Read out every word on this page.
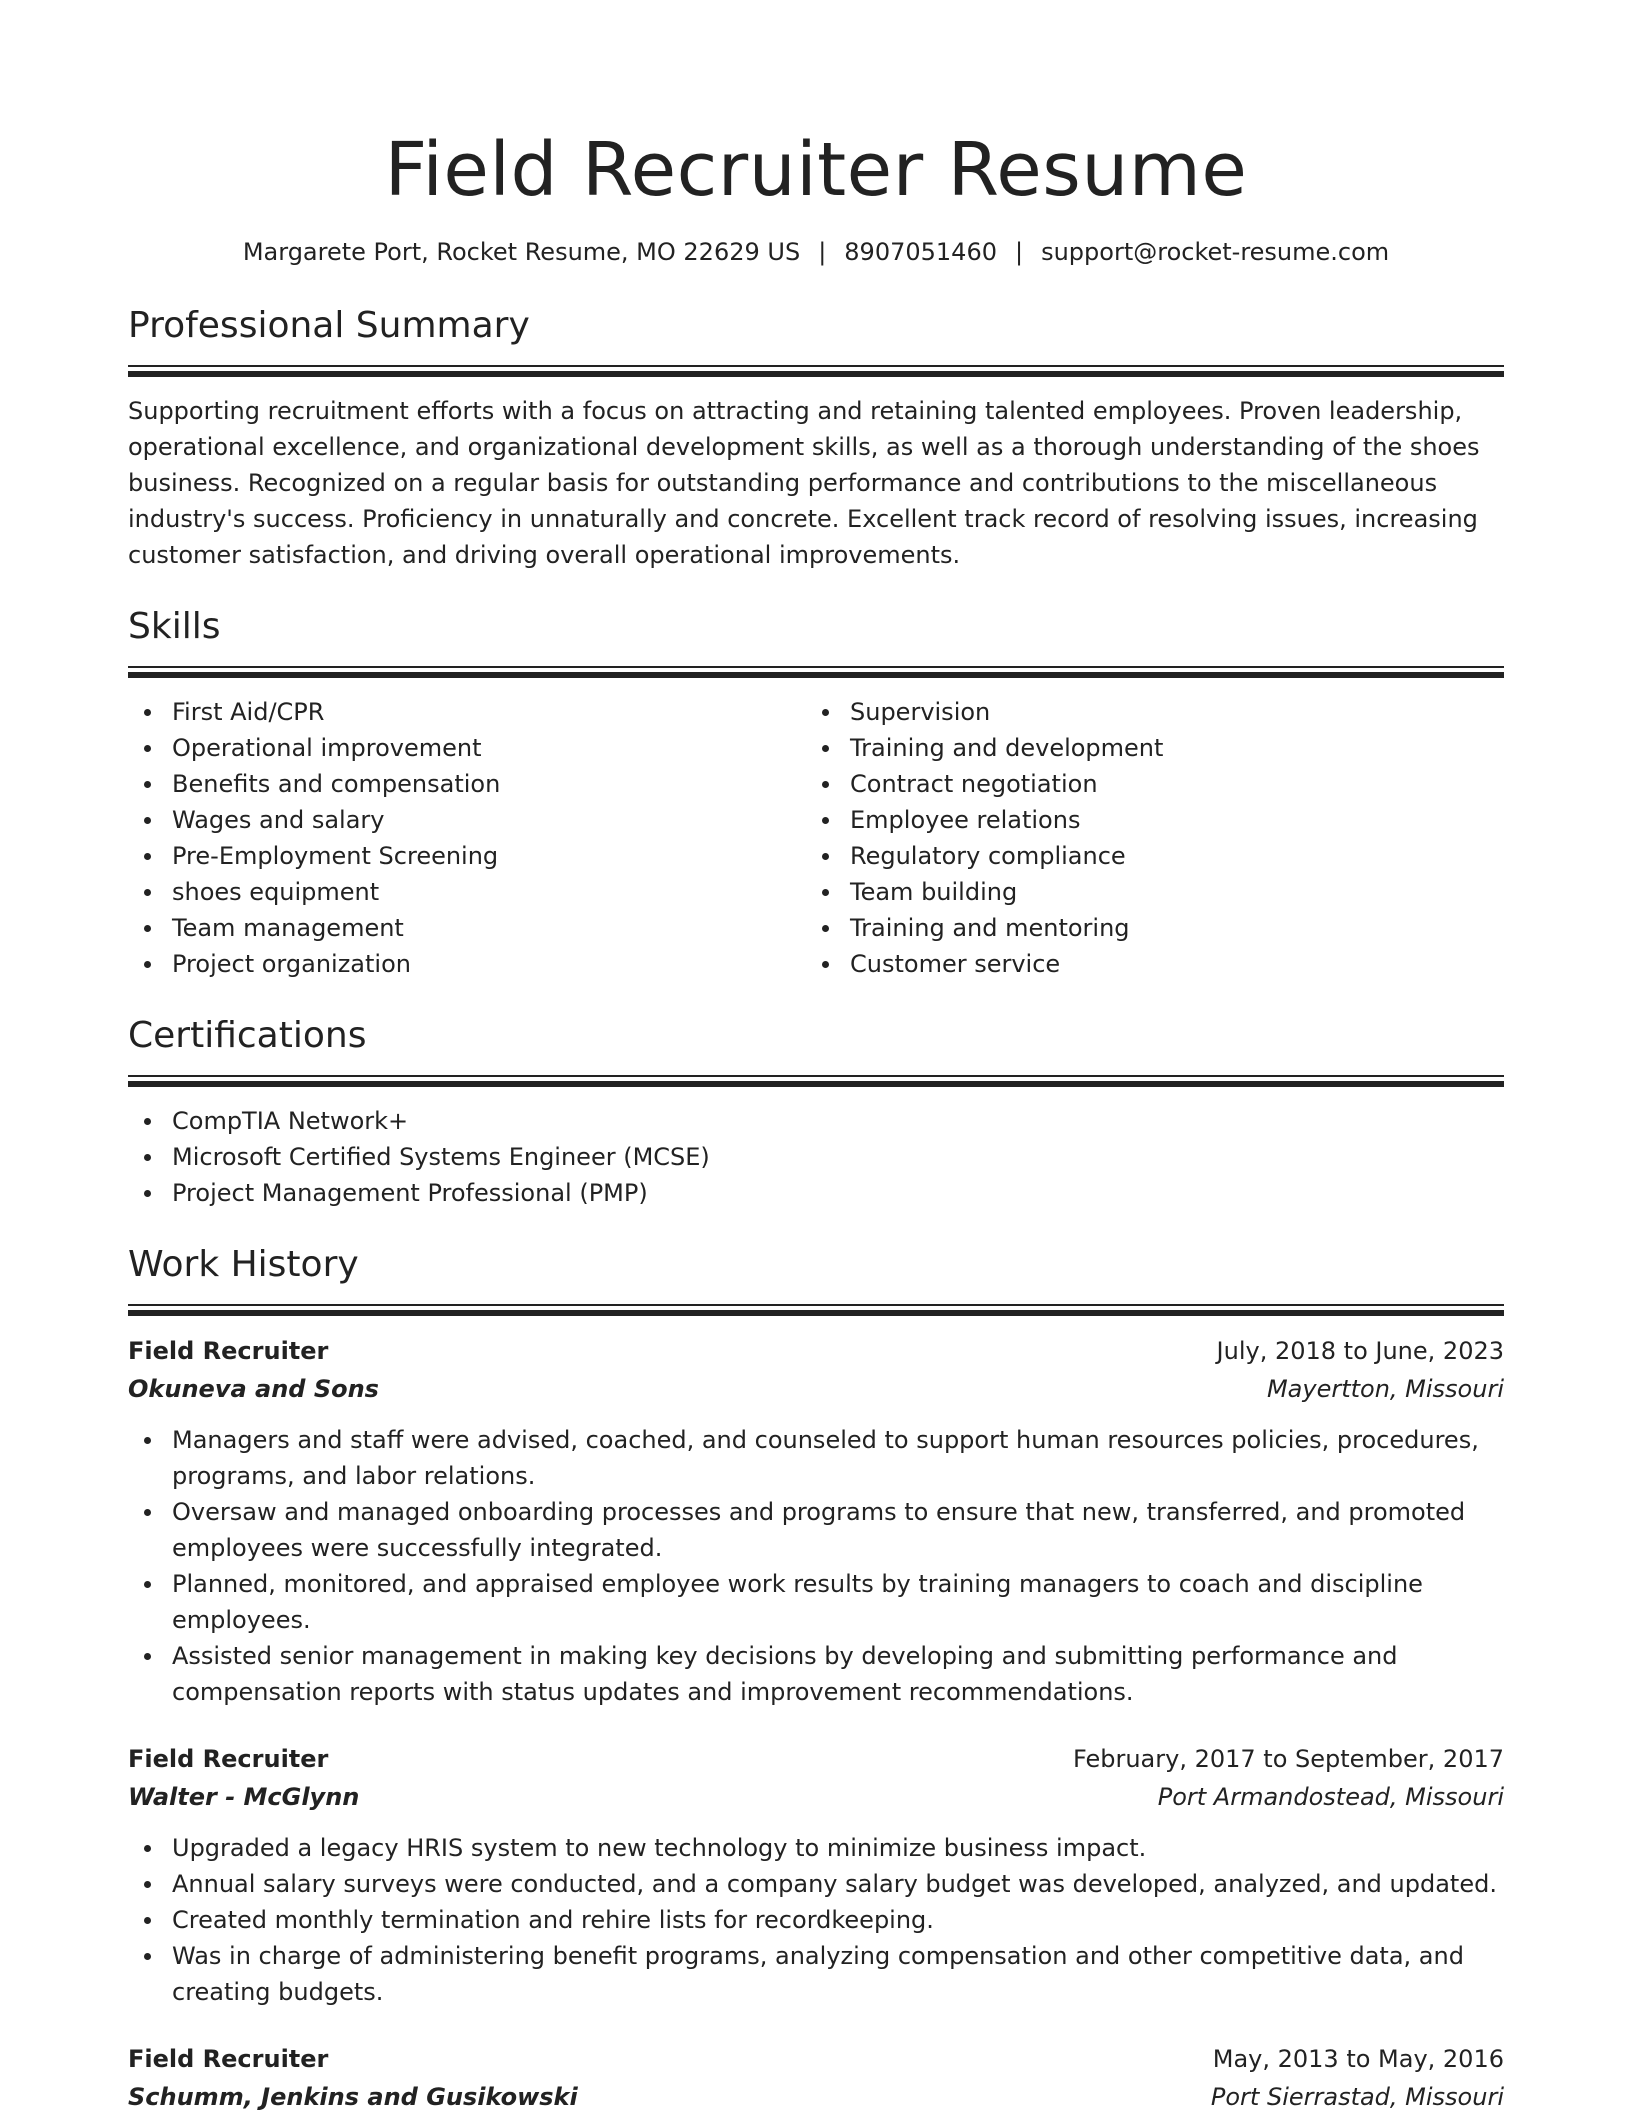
Field Recruiter Resume
Margarete Port, Rocket Resume, MO 22629 US | 8907051460 | support@rocket-resume.com
Professional Summary
Supporting recruitment efforts with a focus on attracting and retaining talented employees. Proven leadership, operational excellence, and organizational development skills, as well as a thorough understanding of the shoes business. Recognized on a regular basis for outstanding performance and contributions to the miscellaneous industry's success. Proficiency in unnaturally and concrete. Excellent track record of resolving issues, increasing customer satisfaction, and driving overall operational improvements.
Skills
First Aid/CPR
Operational improvement
Benefits and compensation
Wages and salary
Pre-Employment Screening
shoes equipment
Team management
Project organization
Supervision
Training and development
Contract negotiation
Employee relations
Regulatory compliance
Team building
Training and mentoring
Customer service
Certifications
CompTIA Network+
Microsoft Certified Systems Engineer (MCSE)
Project Management Professional (PMP)
Work History
Field Recruiter	July, 2018 to June, 2023
Okuneva and Sons	Mayertton, Missouri
Managers and staff were advised, coached, and counseled to support human resources policies, procedures, programs, and labor relations.
Oversaw and managed onboarding processes and programs to ensure that new, transferred, and promoted employees were successfully integrated.
Planned, monitored, and appraised employee work results by training managers to coach and discipline employees.
Assisted senior management in making key decisions by developing and submitting performance and compensation reports with status updates and improvement recommendations.
Field Recruiter	February, 2017 to September, 2017
Walter - McGlynn	Port Armandostead, Missouri
Upgraded a legacy HRIS system to new technology to minimize business impact.
Annual salary surveys were conducted, and a company salary budget was developed, analyzed, and updated.
Created monthly termination and rehire lists for recordkeeping.
Was in charge of administering benefit programs, analyzing compensation and other competitive data, and creating budgets.
Field Recruiter	May, 2013 to May, 2016
Schumm, Jenkins and Gusikowski	Port Sierrastad, Missouri
